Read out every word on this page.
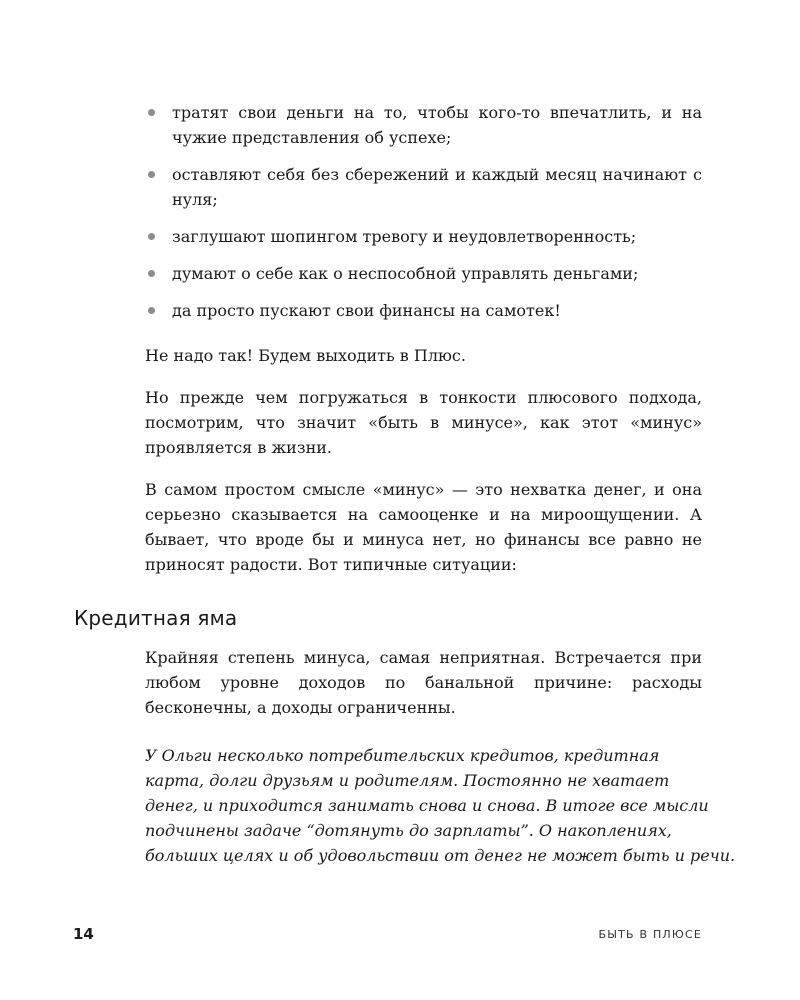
тратят свои деньги на то, чтобы кого-то впечатлить, и на чужие представления об успехе;
оставляют себя без сбережений и каждый месяц начинают с нуля;
заглушают шопингом тревогу и неудовлетворенность;
думают о себе как о неспособной управлять деньгами;
да просто пускают свои финансы на самотек!

Не надо так! Будем выходить в Плюс.

Но прежде чем погружаться в тонкости плюсового подхода, посмотрим, что значит «быть в минусе», как этот «минус» проявляется в жизни.

В самом простом смысле «минус» — это нехватка денег, и она серьезно сказывается на самооценке и на мироощущении. А бывает, что вроде бы и минуса нет, но финансы все равно не приносят радости. Вот типичные ситуации:

Крайняя степень минуса, самая неприятная. Встречается при любом уровне доходов по банальной причине: расходы бесконечны, а доходы ограниченны.

Кредитная яма
У Ольги несколько потребительских кредитов, кредитная
карта, долги друзьям и родителям. Постоянно не хватает
денег, и приходится занимать снова и снова. В итоге все мысли
подчинены задаче “дотянуть до зарплаты”. О накоплениях,
больших целях и об удовольствии от денег не может быть и речи.
14	БЫТЬ В ПЛЮСЕ
